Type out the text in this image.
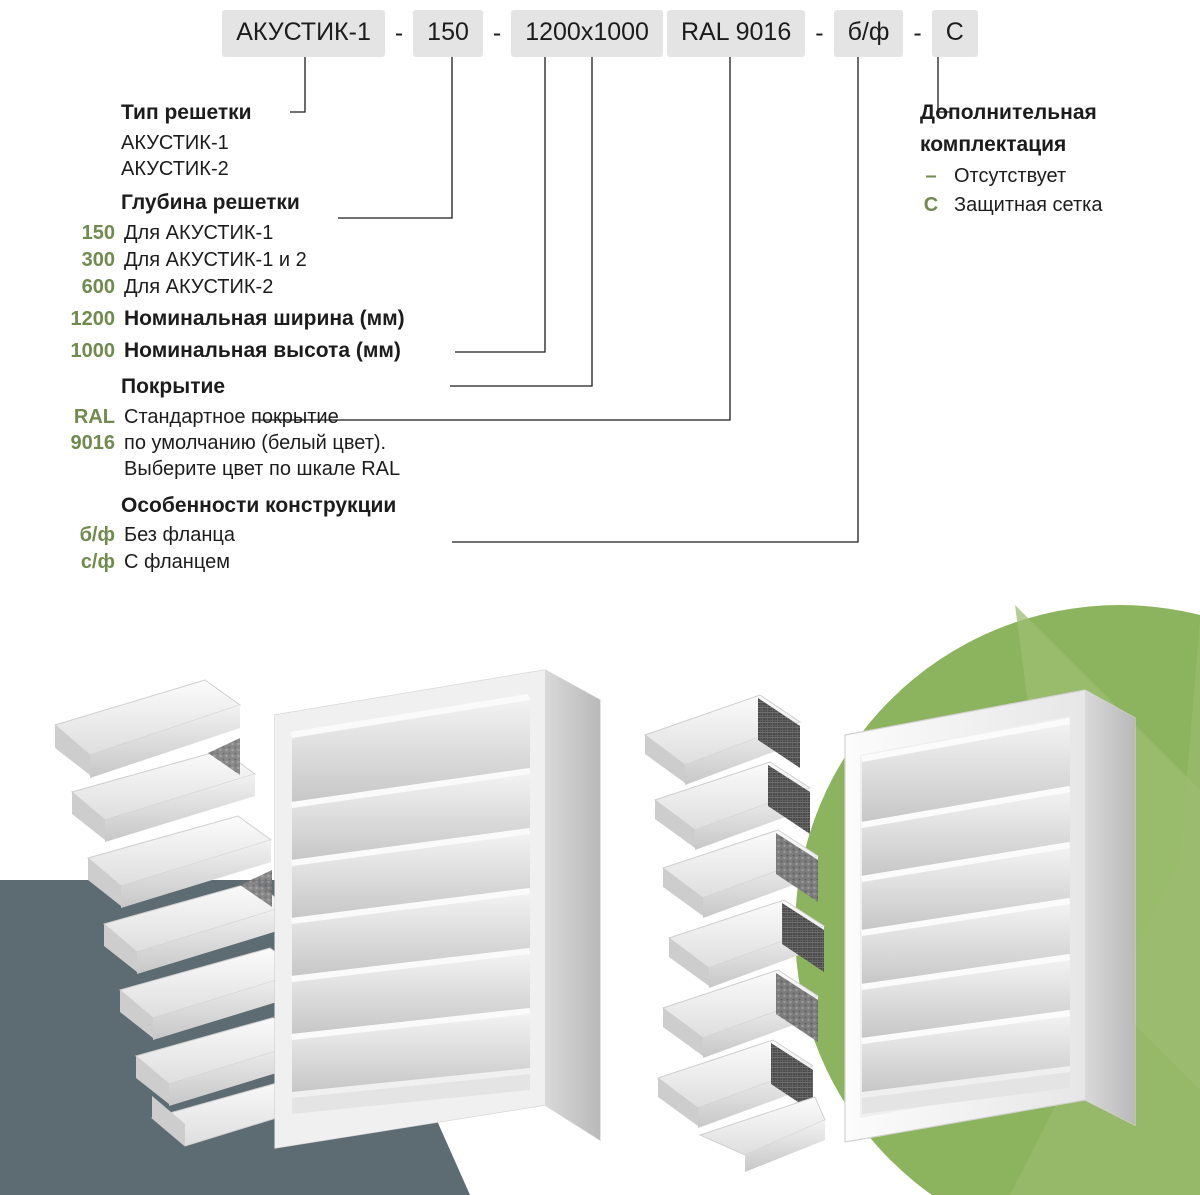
АКУСТИК-1 - 150 - 1200x1000	RAL 9016 - б/ф - С
Тип решетки
АКУСТИК-1
АКУСТИК-2
Глубина решетки
150 Для АКУСТИК-1
300 Для АКУСТИК-1 и 2
600 Для АКУСТИК-2
1200 Номинальная ширина (мм)
1000 Номинальная высота (мм)
Покрытие
RAL
9016
Стандартное покрытие
по умолчанию (белый цвет).
Выберите цвет по шкале RAL
Особенности конструкции
б/ф Без фланца
с/ф С фланцем
Дополнительная
комплектация
– Отсутствует
С Защитная сетка
